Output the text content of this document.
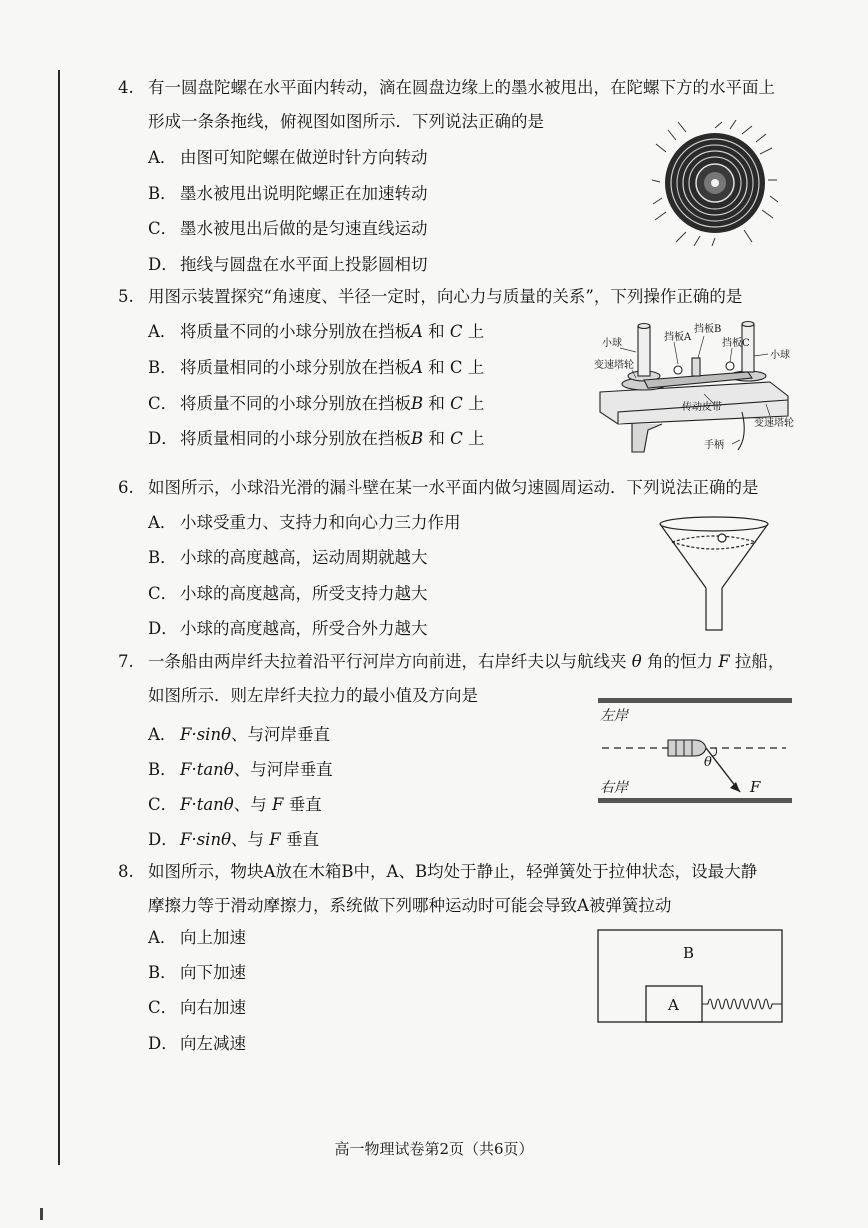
4. 有一圆盘陀螺在水平面内转动，滴在圆盘边缘上的墨水被甩出，在陀螺下方的水平面上
形成一条条拖线，俯视图如图所示．下列说法正确的是
A． 由图可知陀螺在做逆时针方向转动
B． 墨水被甩出说明陀螺正在加速转动
C． 墨水被甩出后做的是匀速直线运动
D． 拖线与圆盘在水平面上投影圆相切
5. 用图示装置探究“角速度、半径一定时，向心力与质量的关系”，下列操作正确的是
A． 将质量不同的小球分别放在挡板A 和 C 上
B． 将质量相同的小球分别放在挡板A 和 C 上
C． 将质量不同的小球分别放在挡板B 和 C 上
D． 将质量相同的小球分别放在挡板B 和 C 上
小球
挡板A
挡板B
挡板C
小球
变速塔轮
传动皮带
变速塔轮
手柄
6. 如图所示，小球沿光滑的漏斗壁在某一水平面内做匀速圆周运动．下列说法正确的是
A． 小球受重力、支持力和向心力三力作用
B． 小球的高度越高，运动周期就越大
C． 小球的高度越高，所受支持力越大
D． 小球的高度越高，所受合外力越大
7. 一条船由两岸纤夫拉着沿平行河岸方向前进，右岸纤夫以与航线夹 θ 角的恒力 F 拉船，
如图所示．则左岸纤夫拉力的最小值及方向是
A． F·sinθ、与河岸垂直
B． F·tanθ、与河岸垂直
C． F·tanθ、与 F 垂直
D． F·sinθ、与 F 垂直
左岸
右岸
θ
F
8. 如图所示，物块A放在木箱B中，A、B均处于静止，轻弹簧处于拉伸状态，设最大静
摩擦力等于滑动摩擦力，系统做下列哪种运动时可能会导致A被弹簧拉动
A． 向上加速
B． 向下加速
C． 向右加速
D． 向左减速
B
A
高一物理试卷第2页（共6页）
